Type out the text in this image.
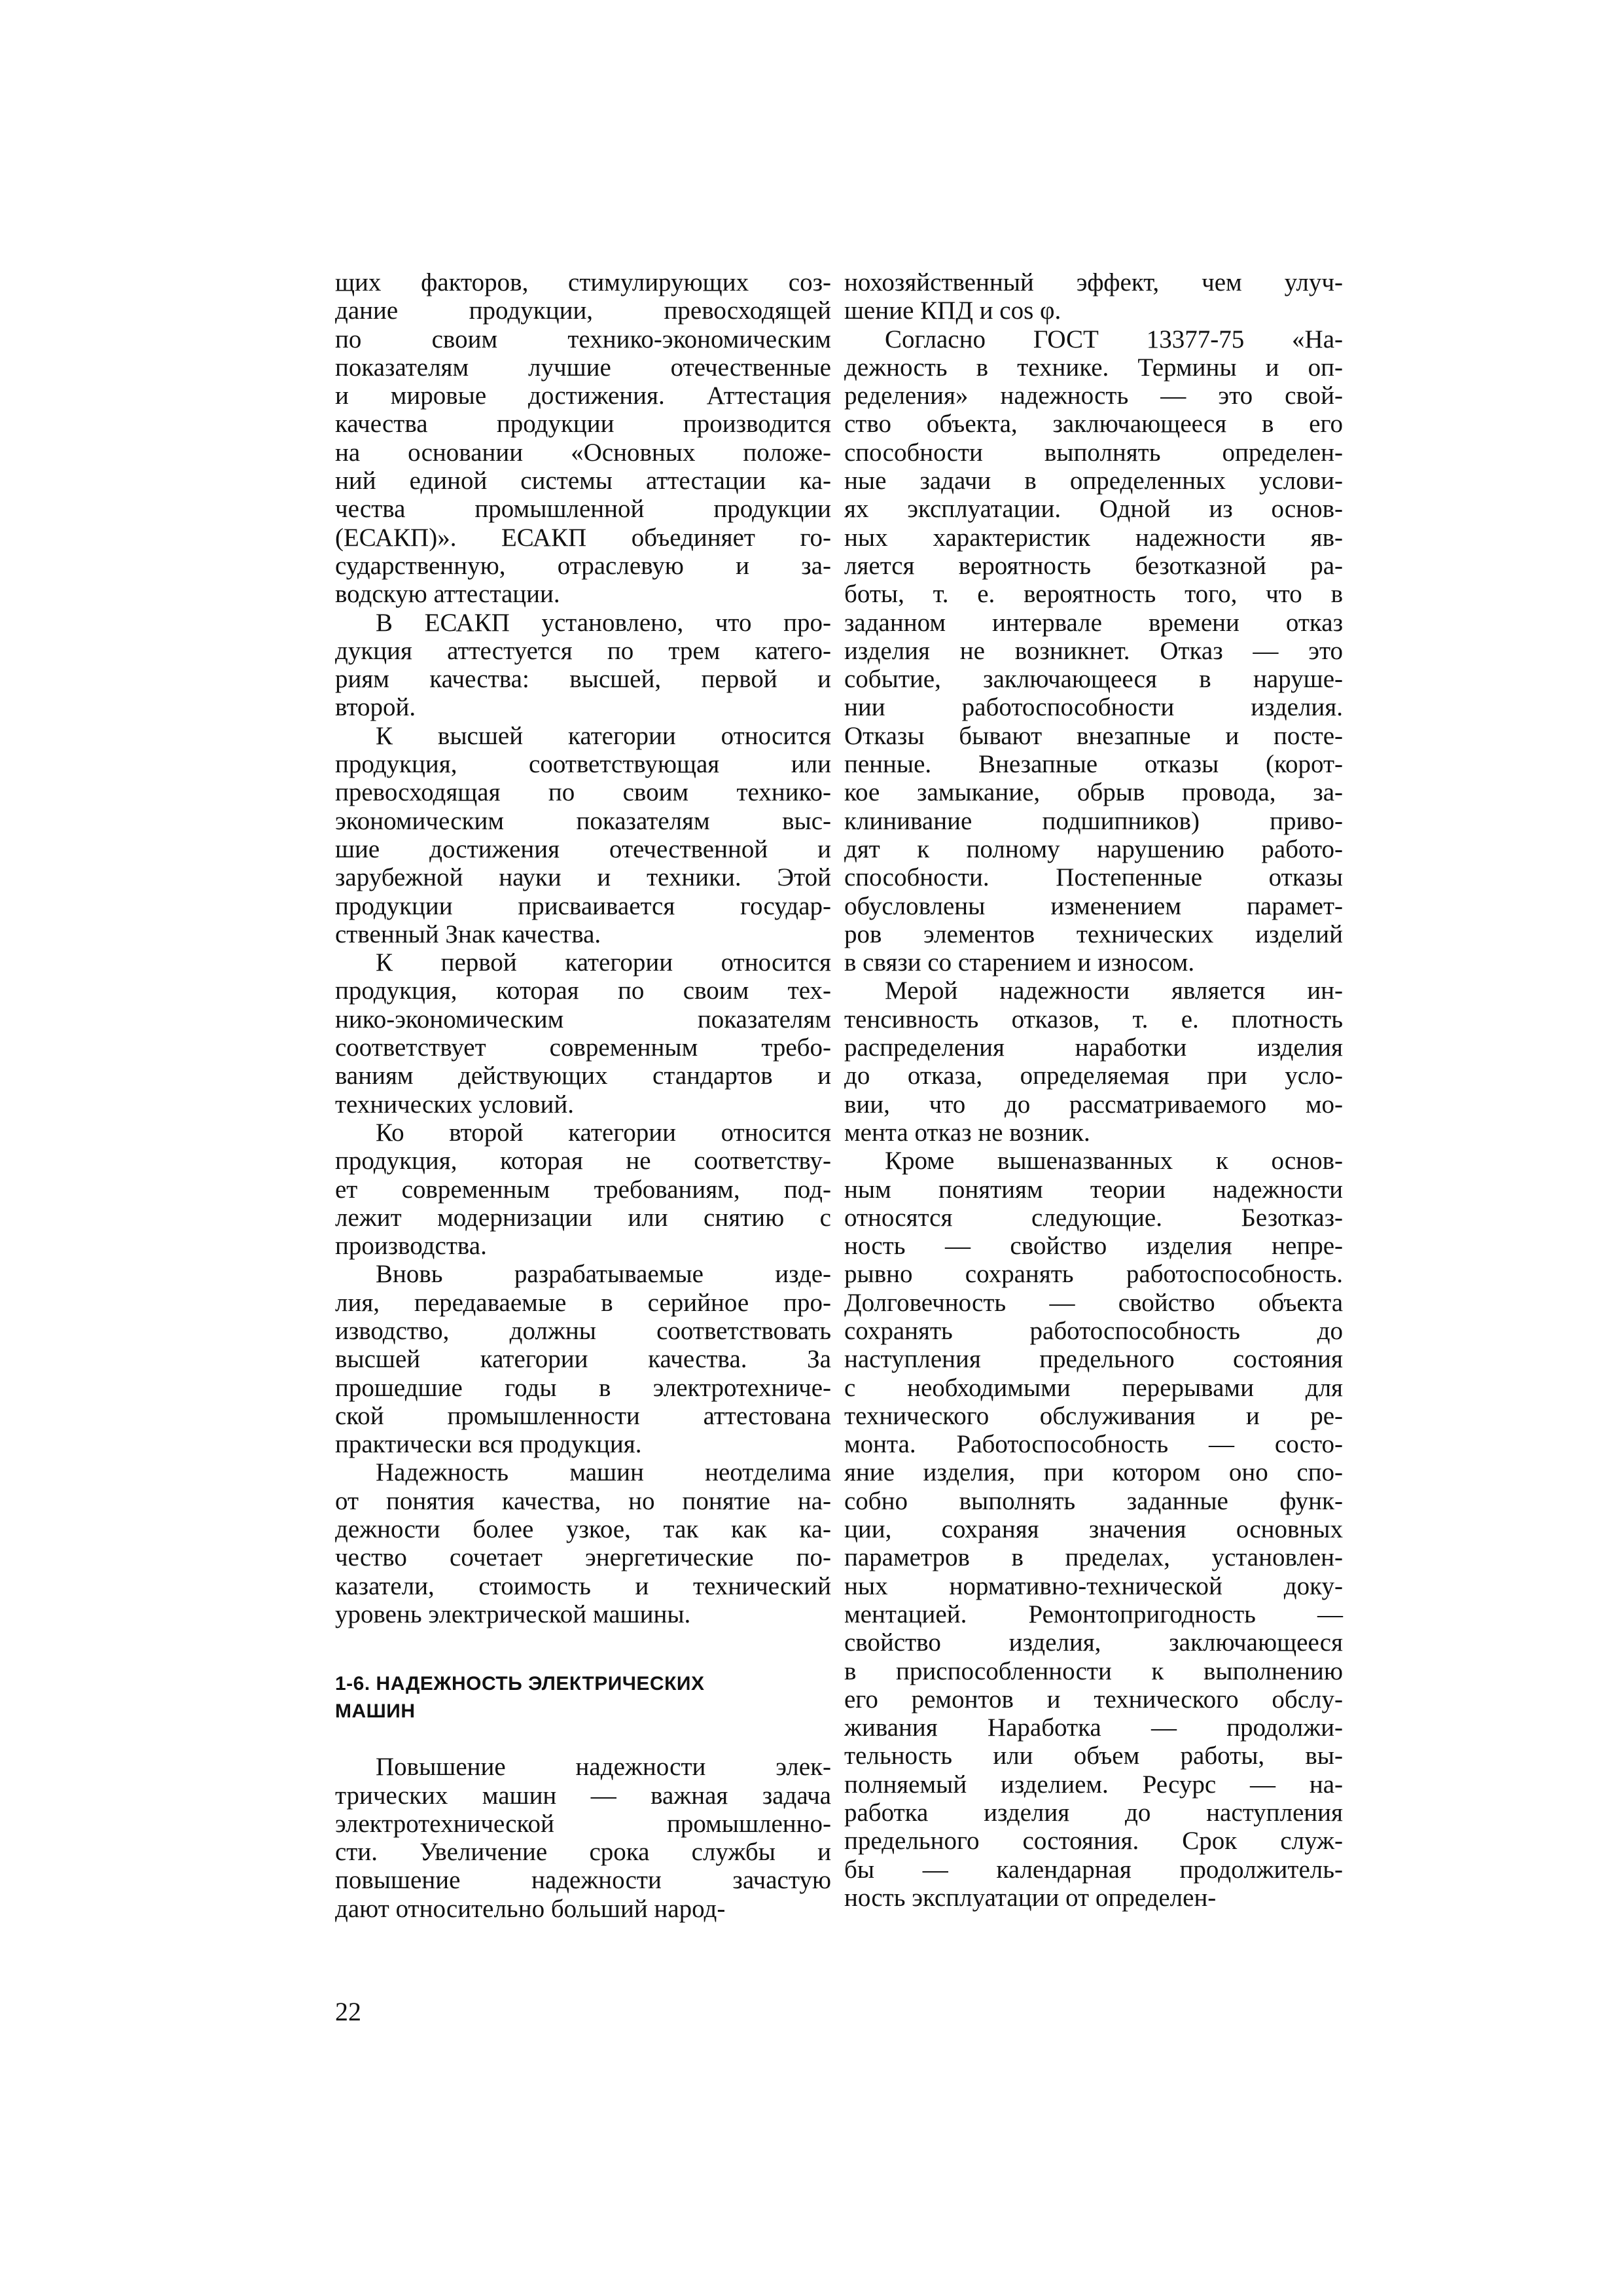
щих факторов, стимулирующих соз-
дание продукции, превосходящей
по своим технико-экономическим
показателям лучшие отечественные
и мировые достижения. Аттестация
качества продукции производится
на основании «Основных положе-
ний единой системы аттестации ка-
чества промышленной продукции
(ЕСАКП)». ЕСАКП объединяет го-
сударственную, отраслевую и за-
водскую аттестации.
В ЕСАКП установлено, что про-
дукция аттестуется по трем катего-
риям качества: высшей, первой и
второй.
К высшей категории относится
продукция, соответствующая или
превосходящая по своим технико-
экономическим показателям выс-
шие достижения отечественной и
зарубежной науки и техники. Этой
продукции присваивается государ-
ственный Знак качества.
К первой категории относится
продукция, которая по своим тех-
нико-экономическим показателям
соответствует современным требо-
ваниям действующих стандартов и
технических условий.
Ко второй категории относится
продукция, которая не соответству-
ет современным требованиям, под-
лежит модернизации или снятию с
производства.
Вновь разрабатываемые изде-
лия, передаваемые в серийное про-
изводство, должны соответствовать
высшей категории качества. За
прошедшие годы в электротехниче-
ской промышленности аттестована
практически вся продукция.
Надежность машин неотделима
от понятия качества, но понятие на-
дежности более узкое, так как ка-
чество сочетает энергетические по-
казатели, стоимость и технический
уровень электрической машины.
1-6. НАДЕЖНОСТЬ ЭЛЕКТРИЧЕСКИХ
МАШИН
Повышение надежности элек-
трических машин — важная задача
электротехнической промышленно-
сти. Увеличение срока службы и
повышение надежности зачастую
дают относительно больший народ-
нохозяйственный эффект, чем улуч-
шение КПД и cos φ.
Согласно ГОСТ 13377-75 «На-
дежность в технике. Термины и оп-
ределения» надежность — это свой-
ство объекта, заключающееся в его
способности выполнять определен-
ные задачи в определенных услови-
ях эксплуатации. Одной из основ-
ных характеристик надежности яв-
ляется вероятность безотказной ра-
боты, т. е. вероятность того, что в
заданном интервале времени отказ
изделия не возникнет. Отказ — это
событие, заключающееся в наруше-
нии работоспособности изделия.
Отказы бывают внезапные и посте-
пенные. Внезапные отказы (корот-
кое замыкание, обрыв провода, за-
клинивание подшипников) приво-
дят к полному нарушению работо-
способности. Постепенные отказы
обусловлены изменением парамет-
ров элементов технических изделий
в связи со старением и износом.
Мерой надежности является ин-
тенсивность отказов, т. е. плотность
распределения наработки изделия
до отказа, определяемая при усло-
вии, что до рассматриваемого мо-
мента отказ не возник.
Кроме вышеназванных к основ-
ным понятиям теории надежности
относятся следующие. Безотказ-
ность — свойство изделия непре-
рывно сохранять работоспособность.
Долговечность — свойство объекта
сохранять работоспособность до
наступления предельного состояния
с необходимыми перерывами для
технического обслуживания и ре-
монта. Работоспособность — состо-
яние изделия, при котором оно спо-
собно выполнять заданные функ-
ции, сохраняя значения основных
параметров в пределах, установлен-
ных нормативно-технической доку-
ментацией. Ремонтопригодность —
свойство изделия, заключающееся
в приспособленности к выполнению
его ремонтов и технического обслу-
живания Наработка — продолжи-
тельность или объем работы, вы-
полняемый изделием. Ресурс — на-
работка изделия до наступления
предельного состояния. Срок служ-
бы — календарная продолжитель-
ность эксплуатации от определен-
22
